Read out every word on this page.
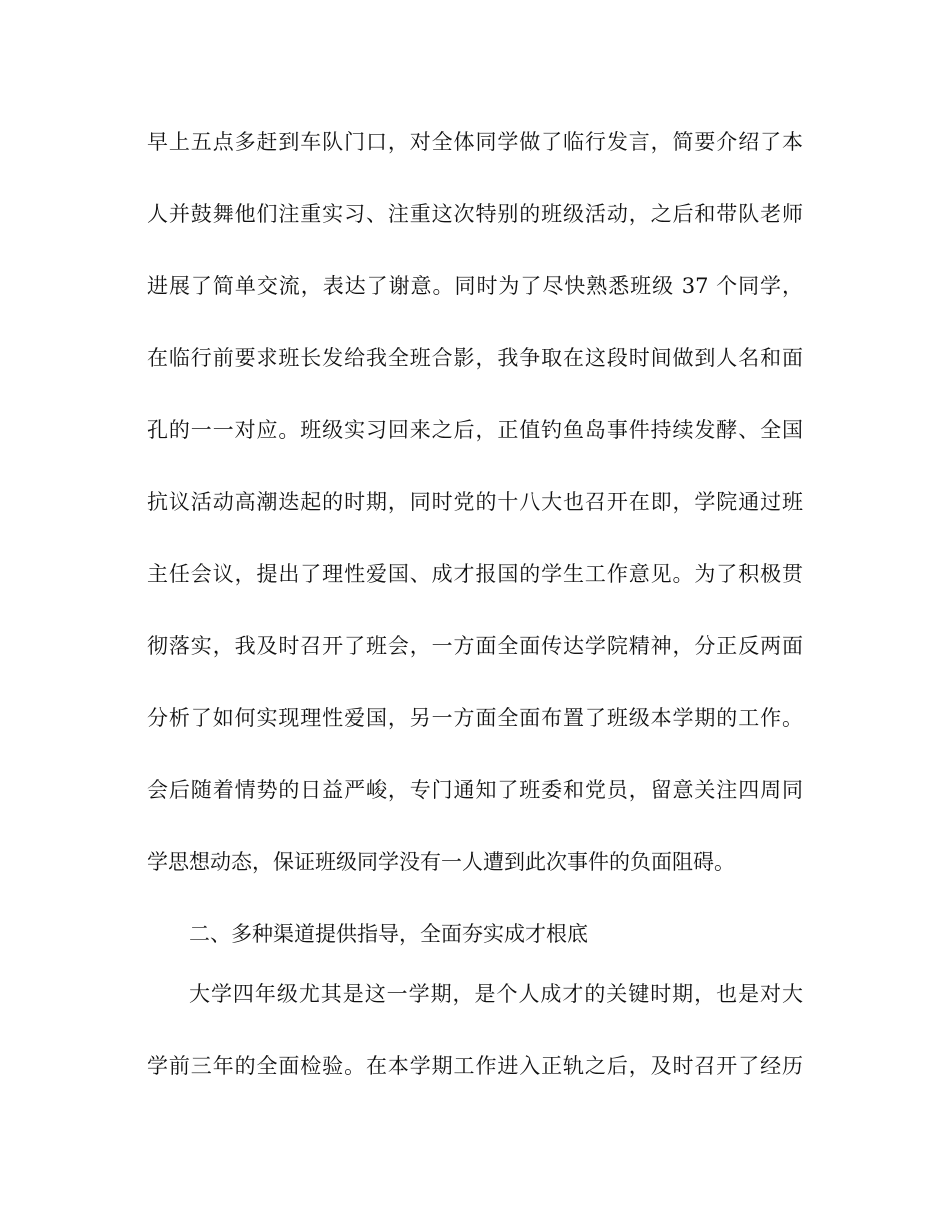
早上五点多赶到车队门口，对全体同学做了临行发言，简要介绍了本
人并鼓舞他们注重实习、注重这次特别的班级活动，之后和带队老师
进展了简单交流，表达了谢意。同时为了尽快熟悉班级 37 个同学，
在临行前要求班长发给我全班合影，我争取在这段时间做到人名和面
孔的一一对应。班级实习回来之后，正值钓鱼岛事件持续发酵、全国
抗议活动高潮迭起的时期，同时党的十八大也召开在即，学院通过班
主任会议，提出了理性爱国、成才报国的学生工作意见。为了积极贯
彻落实，我及时召开了班会，一方面全面传达学院精神，分正反两面
分析了如何实现理性爱国，另一方面全面布置了班级本学期的工作。
会后随着情势的日益严峻，专门通知了班委和党员，留意关注四周同
学思想动态，保证班级同学没有一人遭到此次事件的负面阻碍。
二、多种渠道提供指导，全面夯实成才根底
大学四年级尤其是这一学期，是个人成才的关键时期，也是对大
学前三年的全面检验。在本学期工作进入正轨之后，及时召开了经历
